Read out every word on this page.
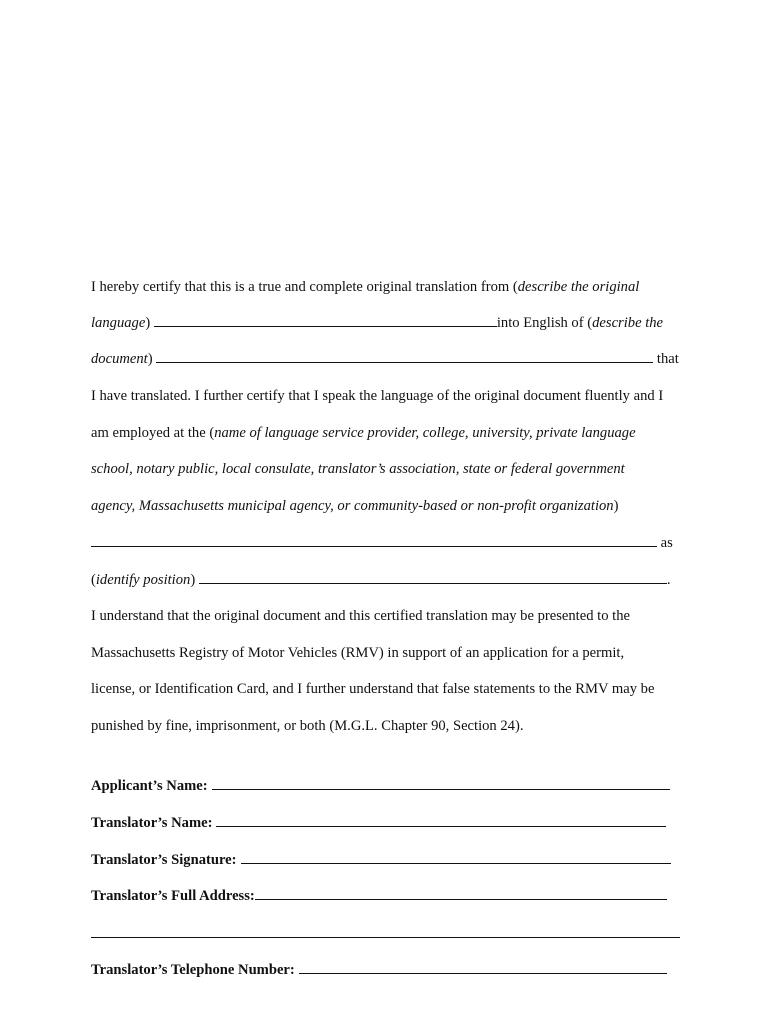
I hereby certify that this is a true and complete original translation from (describe the original
language)	into English of (describe the
document)	that
I have translated. I further certify that I speak the language of the original document fluently and I
am employed at the (name of language service provider, college, university, private language
school, notary public, local consulate, translator’s association, state or federal government
agency, Massachusetts municipal agency, or community-based or non-profit organization)
as
(identify position)	.
I understand that the original document and this certified translation may be presented to the
Massachusetts Registry of Motor Vehicles (RMV) in support of an application for a permit,
license, or Identification Card, and I further understand that false statements to the RMV may be
punished by fine, imprisonment, or both (M.G.L. Chapter 90, Section 24).
Applicant’s Name:
Translator’s Name:
Translator’s Signature:
Translator’s Full Address:
Translator’s Telephone Number:
